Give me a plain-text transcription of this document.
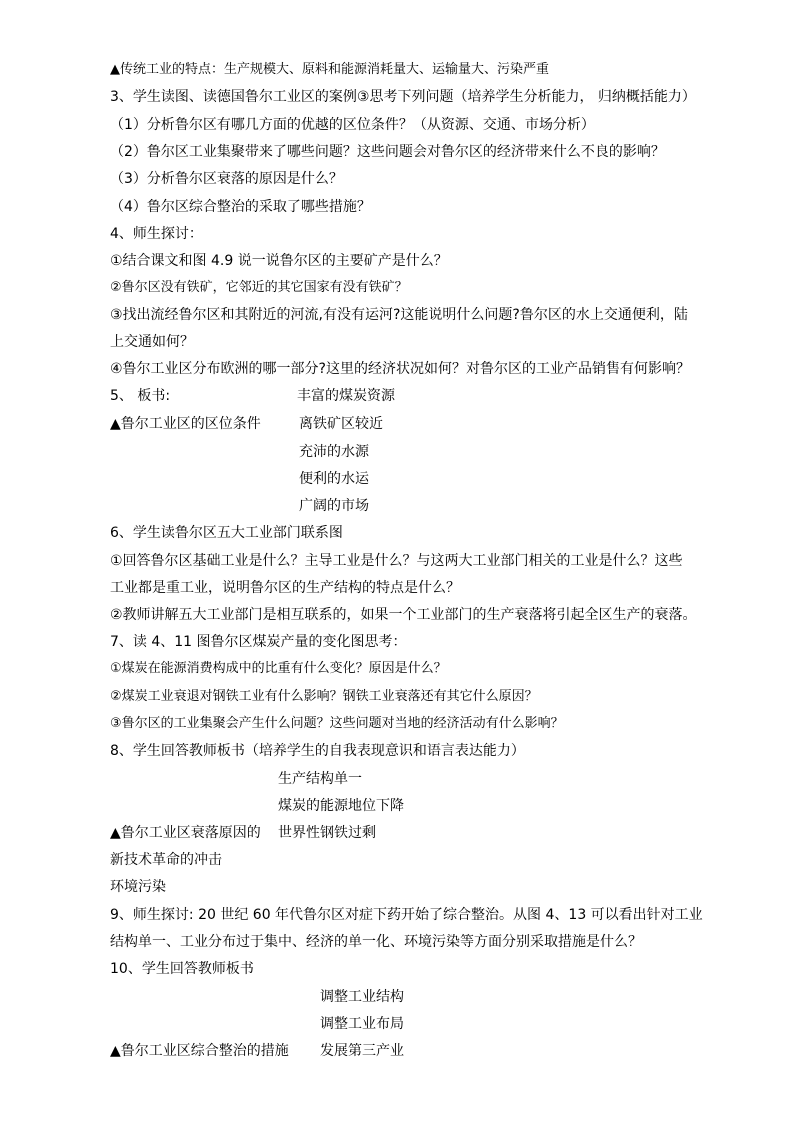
▲传统工业的特点：生产规模大、原料和能源消耗量大、运输量大、污染严重
3、学生读图、读德国鲁尔工业区的案例③思考下列问题（培养学生分析能力， 归纳概括能力）
（1）分析鲁尔区有哪几方面的优越的区位条件？（从资源、交通、市场分析）
（2）鲁尔区工业集聚带来了哪些问题？这些问题会对鲁尔区的经济带来什么不良的影响？
（3）分析鲁尔区衰落的原因是什么？
（4）鲁尔区综合整治的采取了哪些措施？
4、师生探讨：
①结合课文和图 4.9 说一说鲁尔区的主要矿产是什么？
②鲁尔区没有铁矿，它邻近的其它国家有没有铁矿？
③找出流经鲁尔区和其附近的河流,有没有运河?这能说明什么问题?鲁尔区的水上交通便利，陆
上交通如何？
④鲁尔工业区分布欧洲的哪一部分?这里的经济状况如何？对鲁尔区的工业产品销售有何影响？
5、 板书:	丰富的煤炭资源
▲鲁尔工业区的区位条件	离铁矿区较近
充沛的水源
便利的水运
广阔的市场
6、学生读鲁尔区五大工业部门联系图
①回答鲁尔区基础工业是什么？主导工业是什么？与这两大工业部门相关的工业是什么？这些
工业都是重工业，说明鲁尔区的生产结构的特点是什么？
②教师讲解五大工业部门是相互联系的，如果一个工业部门的生产衰落将引起全区生产的衰落。
7、读 4、11 图鲁尔区煤炭产量的变化图思考：
①煤炭在能源消费构成中的比重有什么变化？原因是什么？
②煤炭工业衰退对钢铁工业有什么影响？钢铁工业衰落还有其它什么原因？
③鲁尔区的工业集聚会产生什么问题？这些问题对当地的经济活动有什么影响？
8、学生回答教师板书（培养学生的自我表现意识和语言表达能力）
生产结构单一
煤炭的能源地位下降
▲鲁尔工业区衰落原因的 世界性钢铁过剩
新技术革命的冲击
环境污染
9、师生探讨: 20 世纪 60 年代鲁尔区对症下药开始了综合整治。从图 4、13 可以看出针对工业
结构单一、工业分布过于集中、经济的单一化、环境污染等方面分别采取措施是什么？
10、学生回答教师板书
调整工业结构
调整工业布局
▲鲁尔工业区综合整治的措施 发展第三产业
